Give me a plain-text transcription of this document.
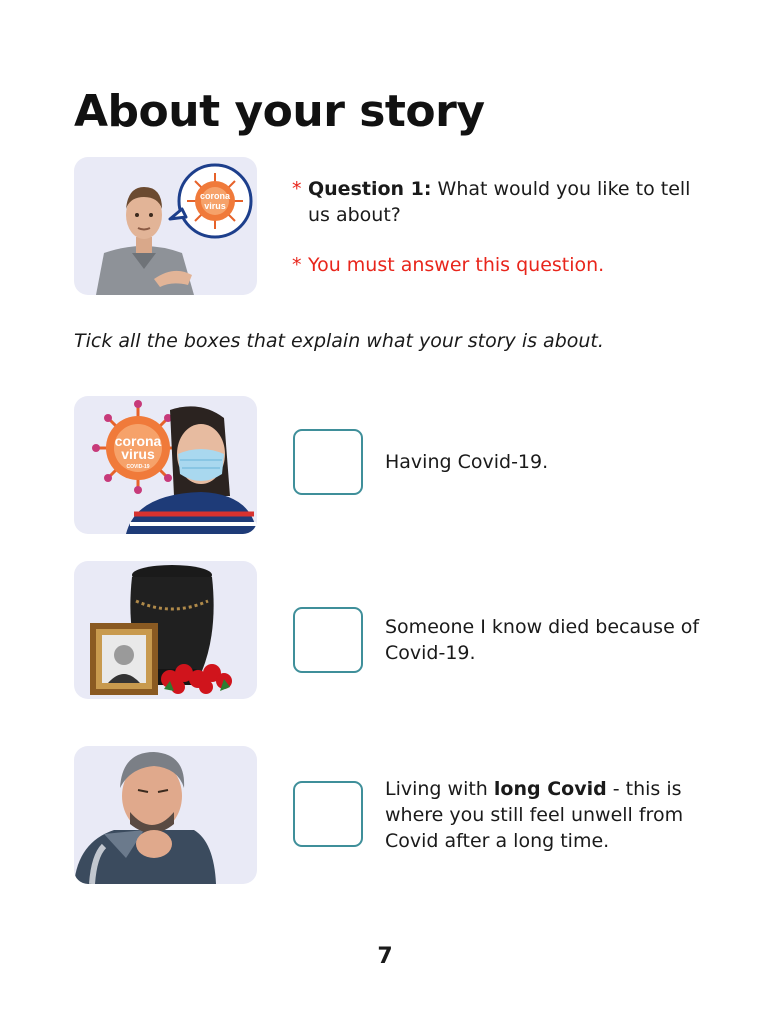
About your story
corona
virus
* Question 1: What would you like to tell us about?
* You must answer this question.
Tick all the boxes that explain what your story is about.
corona
virus
COVID-19	Having Covid-19.
Someone I know died because of Covid-19.
Living with long Covid - this is where you still feel unwell from Covid after a long time.
7
